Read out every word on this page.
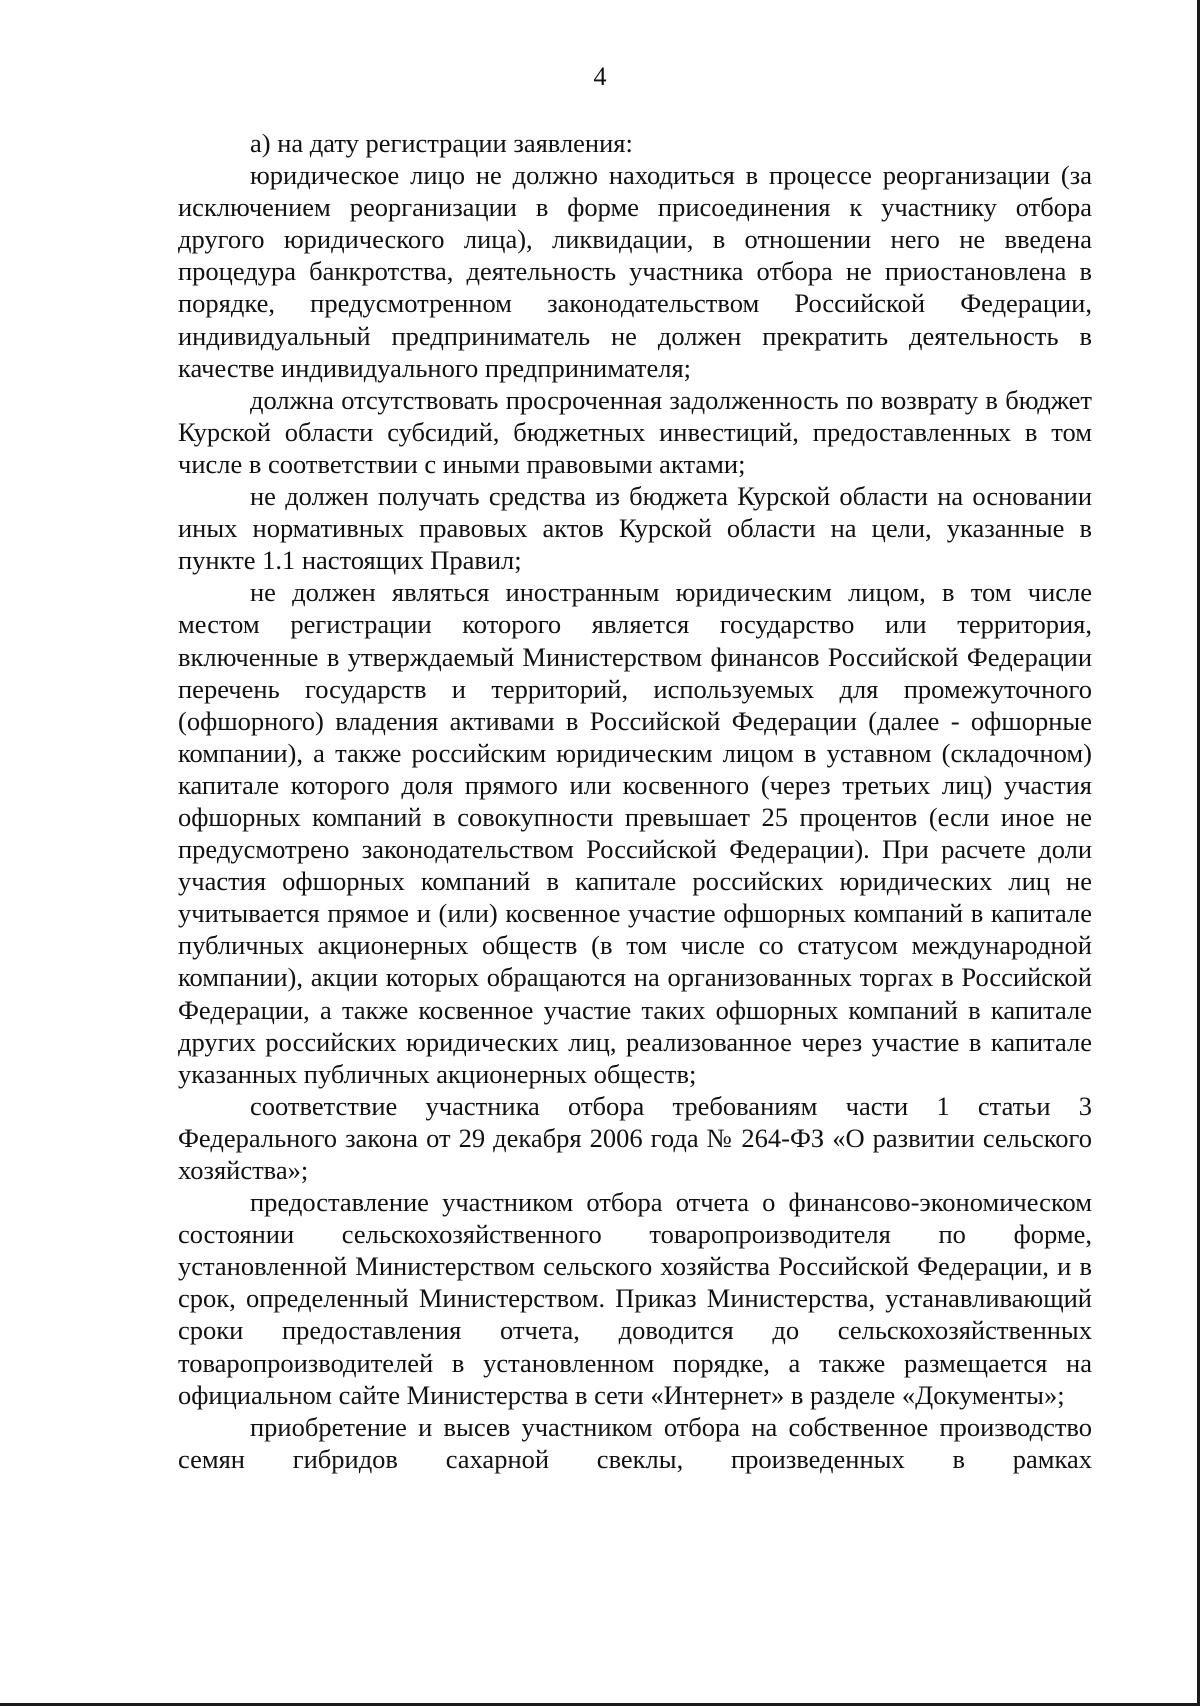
4

а) на дату регистрации заявления:

юридическое лицо не должно находиться в процессе реорганизации (за исключением реорганизации в форме присоединения к участнику отбора другого юридического лица), ликвидации, в отношении него не введена процедура банкротства, деятельность участника отбора не приостановлена в порядке, предусмотренном законодательством Российской Федерации, индивидуальный предприниматель не должен прекратить деятельность в качестве индивидуального предпринимателя;

должна отсутствовать просроченная задолженность по возврату в бюджет Курской области субсидий, бюджетных инвестиций, предоставленных в том числе в соответствии с иными правовыми актами;

не должен получать средства из бюджета Курской области на основании иных нормативных правовых актов Курской области на цели, указанные в пункте 1.1 настоящих Правил;

не должен являться иностранным юридическим лицом, в том числе местом регистрации которого является государство или территория, включенные в утверждаемый Министерством финансов Российской Федерации перечень государств и территорий, используемых для промежуточного (офшорного) владения активами в Российской Федерации (далее - офшорные компании), а также российским юридическим лицом в уставном (складочном) капитале которого доля прямого или косвенного (через третьих лиц) участия офшорных компаний в совокупности превышает 25 процентов (если иное не предусмотрено законодательством Российской Федерации). При расчете доли участия офшорных компаний в капитале российских юридических лиц не учитывается прямое и (или) косвенное участие офшорных компаний в капитале публичных акционерных обществ (в том числе со статусом международной компании), акции которых обращаются на организованных торгах в Российской Федерации, а также косвенное участие таких офшорных компаний в капитале других российских юридических лиц, реализованное через участие в капитале указанных публичных акционерных обществ;

соответствие участника отбора требованиям части 1 статьи 3 Федерального закона от 29 декабря 2006 года № 264-ФЗ «О развитии сельского хозяйства»;

предоставление участником отбора отчета о финансово-экономическом состоянии сельскохозяйственного товаропроизводителя по форме, установленной Министерством сельского хозяйства Российской Федерации, и в срок, определенный Министерством. Приказ Министерства, устанавливающий сроки предоставления отчета, доводится до сельскохозяйственных товаропроизводителей в установленном порядке, а также размещается на официальном сайте Министерства в сети «Интернет» в разделе «Документы»;

приобретение и высев участником отбора на собственное производство семян гибридов сахарной свеклы, произведенных в рамках
